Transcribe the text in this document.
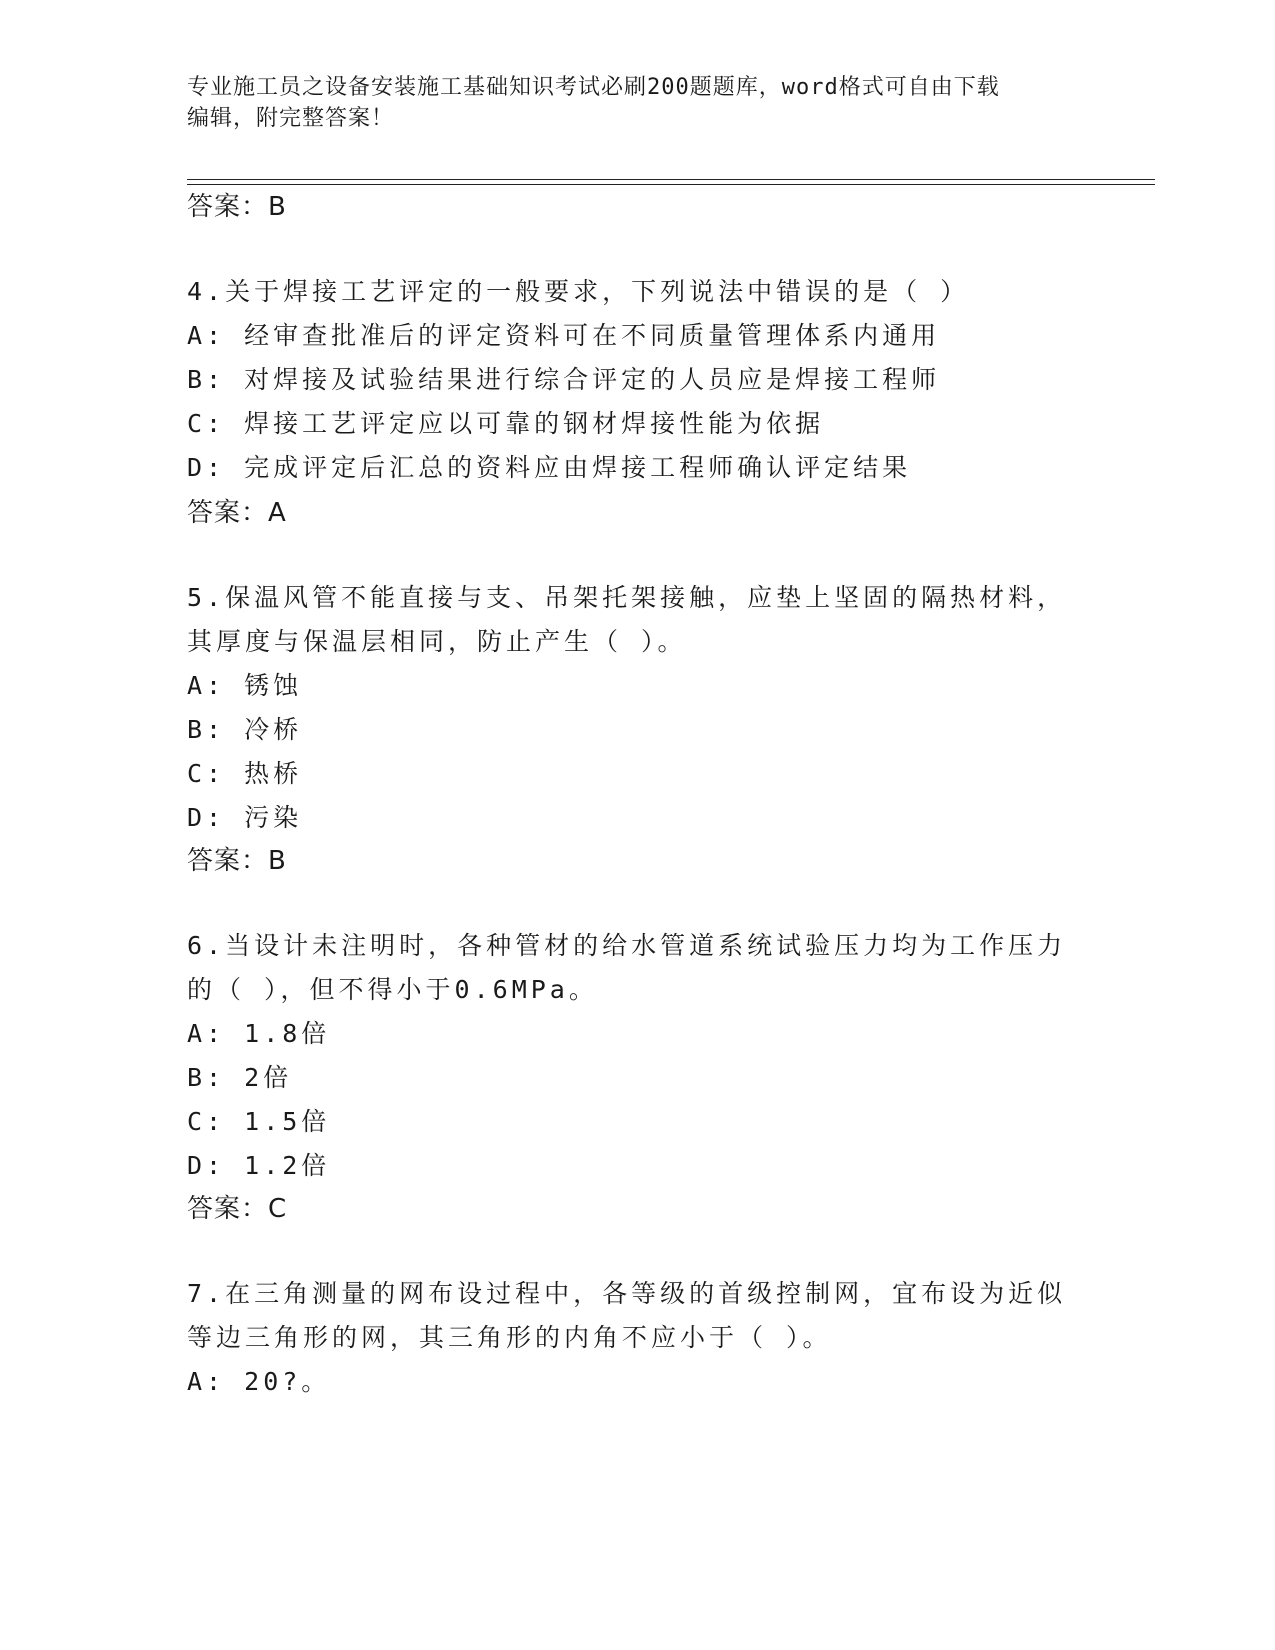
专业施工员之设备安装施工基础知识考试必刷200题题库，word格式可自由下载
编辑，附完整答案！
答案：B
4.关于焊接工艺评定的一般要求，下列说法中错误的是（ ）
A: 经审查批准后的评定资料可在不同质量管理体系内通用
B: 对焊接及试验结果进行综合评定的人员应是焊接工程师
C: 焊接工艺评定应以可靠的钢材焊接性能为依据
D: 完成评定后汇总的资料应由焊接工程师确认评定结果
答案：A
5.保温风管不能直接与支、吊架托架接触，应垫上坚固的隔热材料，
其厚度与保温层相同，防止产生（ ）。
A: 锈蚀
B: 冷桥
C: 热桥
D: 污染
答案：B
6.当设计未注明时，各种管材的给水管道系统试验压力均为工作压力
的（ ），但不得小于0.6MPa。
A: 1.8倍
B: 2倍
C: 1.5倍
D: 1.2倍
答案：C
7.在三角测量的网布设过程中，各等级的首级控制网，宜布设为近似
等边三角形的网，其三角形的内角不应小于（ ）。
A: 20?。
